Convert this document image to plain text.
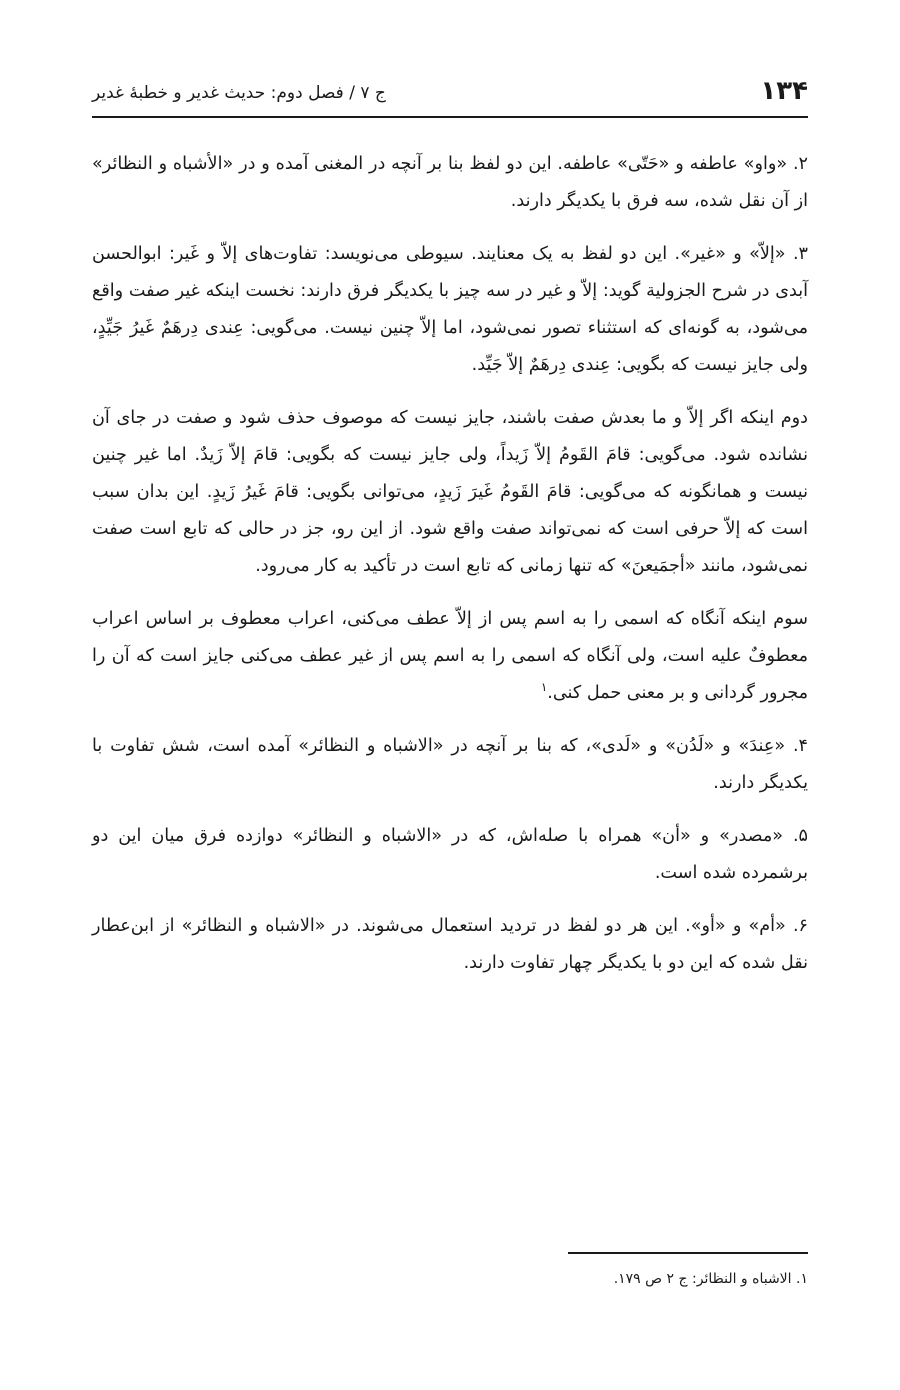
۱۳۴
ج ۷ / فصل دوم: حدیث غدیر و خطبهٔ غدیر

۲. «واو» عاطفه و «حَتّی» عاطفه. این دو لفظ بنا بر آنچه در المغنی آمده و در «الأشباه و النظائر» از آن نقل شده، سه فرق با یکدیگر دارند.

۳. «إلاّ» و «غیر». این دو لفظ به یک معنایند. سیوطی می‌نویسد: تفاوت‌های إلاّ و غَیر: ابوالحسن آبدی در شرح الجزولیة گوید: إلاّ و غیر در سه چیز با یکدیگر فرق دارند: نخست اینکه غیر صفت واقع می‌شود، به گونه‌ای که استثناء تصور نمی‌شود، اما إلاّ چنین نیست. می‌گویی: عِندی دِرهَمٌ غَیرُ جَیِّدٍ، ولی جایز نیست که بگویی: عِندی دِرهَمٌ إلاّ جَیِّد.

دوم اینکه اگر إلاّ و ما بعدش صفت باشند، جایز نیست که موصوف حذف شود و صفت در جای آن نشانده شود. می‌گویی: قامَ القَومُ إلاّ زَیداً، ولی جایز نیست که بگویی: قامَ إلاّ زَیدٌ. اما غیر چنین نیست و همانگونه که می‌گویی: قامَ القَومُ غَیرَ زَیدٍ، می‌توانی بگویی: قامَ غَیرُ زَیدٍ. این بدان سبب است که إلاّ حرفی است که نمی‌تواند صفت واقع شود. از این رو، جز در حالی که تابع است صفت نمی‌شود، مانند «أجمَیعنَ» که تنها زمانی که تابع است در تأکید به کار می‌رود.

سوم اینکه آنگاه که اسمی را به اسم پس از إلاّ عطف می‌کنی، اعراب معطوف بر اساس اعراب معطوفٌ علیه است، ولی آنگاه که اسمی را به اسم پس از غیر عطف می‌کنی جایز است که آن را مجرور گردانی و بر معنی حمل کنی.$^۱$

۴. «عِندَ» و «لَدُن» و «لَدی»، که بنا بر آنچه در «الاشباه و النظائر» آمده است، شش تفاوت با یکدیگر دارند.

۵. «مصدر» و «أن» همراه با صله‌اش، که در «الاشباه و النظائر» دوازده فرق میان این دو برشمرده شده است.

۶. «أم» و «أو». این هر دو لفظ در تردید استعمال می‌شوند. در «الاشباه و النظائر» از ابن‌عطار نقل شده که این دو با یکدیگر چهار تفاوت دارند.

۱. الاشباه و النظائر: ج ۲ ص ۱۷۹.
